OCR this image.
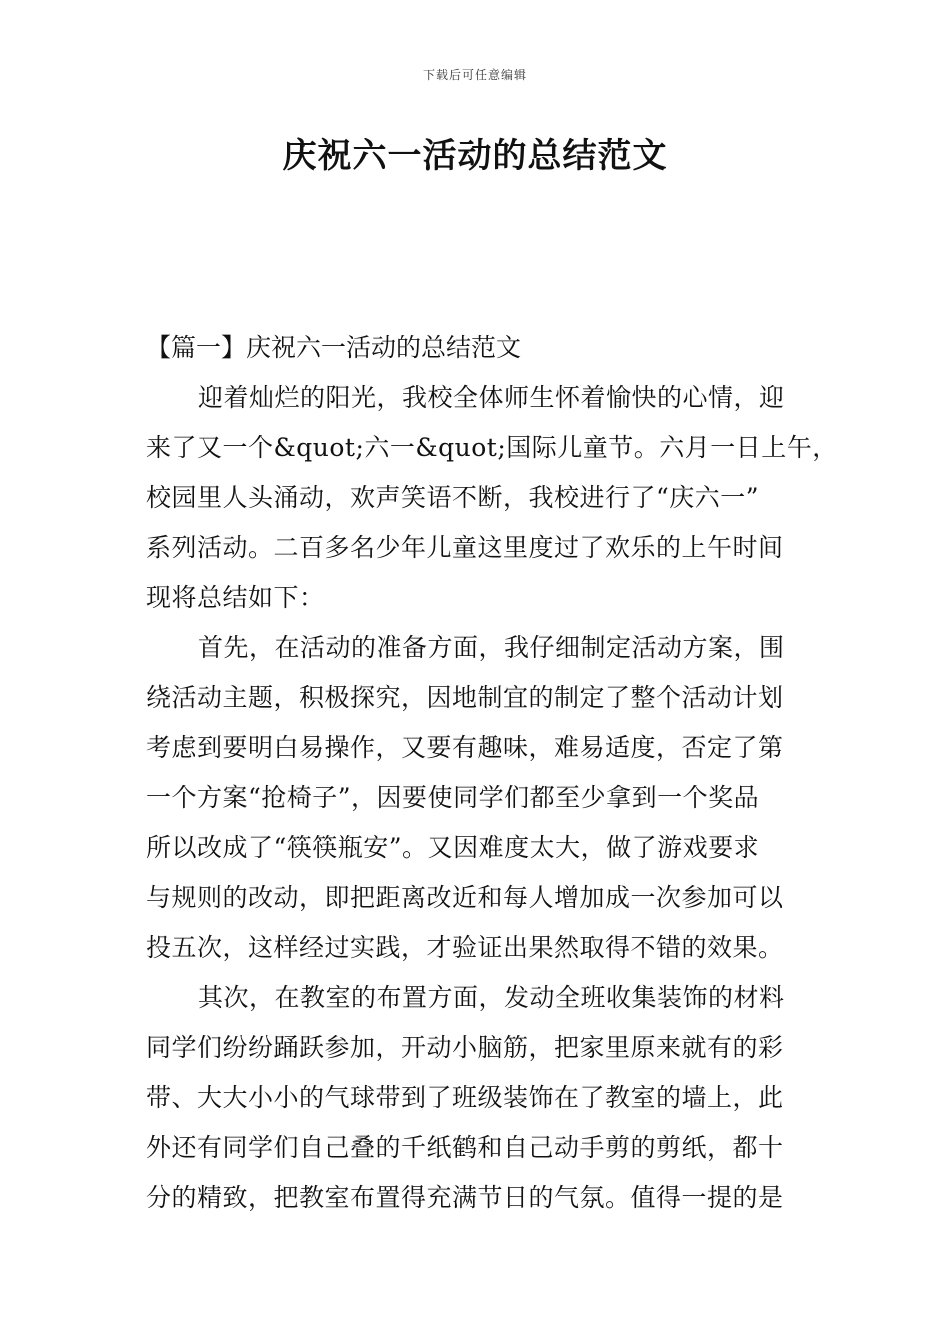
下载后可任意编辑
庆祝六一活动的总结范文
【篇一】庆祝六一活动的总结范文
迎着灿烂的阳光，我校全体师生怀着愉快的心情，迎
来了又一个&quot;六一&quot;国际儿童节。六月一日上午，
校园里人头涌动，欢声笑语不断，我校进行了“庆六一”
系列活动。二百多名少年儿童这里度过了欢乐的上午时间
现将总结如下：
首先，在活动的准备方面，我仔细制定活动方案，围
绕活动主题，积极探究，因地制宜的制定了整个活动计划
考虑到要明白易操作，又要有趣味，难易适度，否定了第
一个方案“抢椅子”，因要使同学们都至少拿到一个奖品
所以改成了“筷筷瓶安”。又因难度太大，做了游戏要求
与规则的改动，即把距离改近和每人增加成一次参加可以
投五次，这样经过实践，才验证出果然取得不错的效果。
其次，在教室的布置方面，发动全班收集装饰的材料
同学们纷纷踊跃参加，开动小脑筋，把家里原来就有的彩
带、大大小小的气球带到了班级装饰在了教室的墙上，此
外还有同学们自己叠的千纸鹤和自己动手剪的剪纸，都十
分的精致，把教室布置得充满节日的气氛。值得一提的是
